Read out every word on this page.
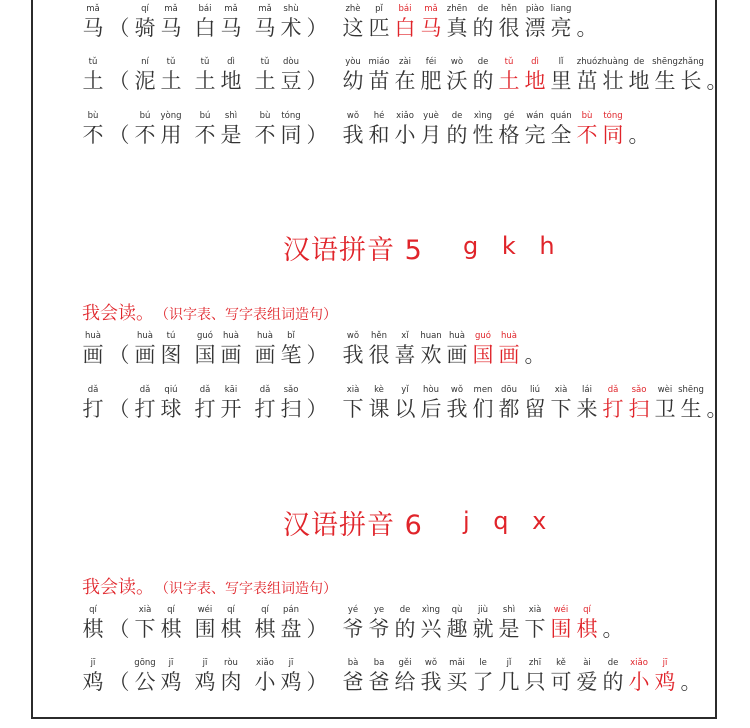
mǎ
马 （
qí
骑
mǎ
马
bái
白
mǎ
马
mǎ
马
shù
术 ）
zhè
这
pǐ
匹
bái
白
mǎ
马
zhēn
真
de
的
hěn
很
piào
漂
liang
亮 。
tǔ
土 （
ní
泥
tǔ
土
tǔ
土
dì
地
tǔ
土
dòu
豆 ）
yòu
幼
miáo
苗
zài
在
féi
肥
wò
沃
de
的
tǔ
土
dì
地
lǐ
里
zhuó
茁
zhuàng
壮
de
地
shēng
生
zhǎng
长 。
bù
不 （
bú
不
yòng
用
bú
不
shì
是
bù
不
tóng
同 ）
wǒ
我
hé
和
xiǎo
小
yuè
月
de
的
xìng
性
gé
格
wán
完
quán
全
bù
不
tóng
同 。
huà
画 （
huà
画
tú
图
guó
国
huà
画
huà
画
bǐ
笔 ）
wǒ
我
hěn
很
xǐ
喜
huan
欢
huà
画
guó
国
huà
画 。
dǎ
打 （
dǎ
打
qiú
球
dǎ
打
kāi
开
dǎ
打
sǎo
扫 ）
xià
下
kè
课
yǐ
以
hòu
后
wǒ
我
men
们
dōu
都
liú
留
xià
下
lái
来
dǎ
打
sǎo
扫
wèi
卫
shēng
生 。
qí
棋 （
xià
下
qí
棋
wéi
围
qí
棋
qí
棋
pán
盘 ）
yé
爷
ye
爷
de
的
xìng
兴
qù
趣
jiù
就
shì
是
xià
下
wéi
围
qí
棋 。
jī
鸡 （
gōng
公
jī
鸡
jī
鸡
ròu
肉
xiǎo
小
jī
鸡 ）
bà
爸
ba
爸
gěi
给
wǒ
我
mǎi
买
le
了
jǐ
几
zhī
只
kě
可
ài
爱
de
的
xiǎo
小
jī
鸡 。
汉语拼音 5 g k h
我会读。 （识字表、写字表组词造句）
汉语拼音 6 j q x
我会读。 （识字表、写字表组词造句）
